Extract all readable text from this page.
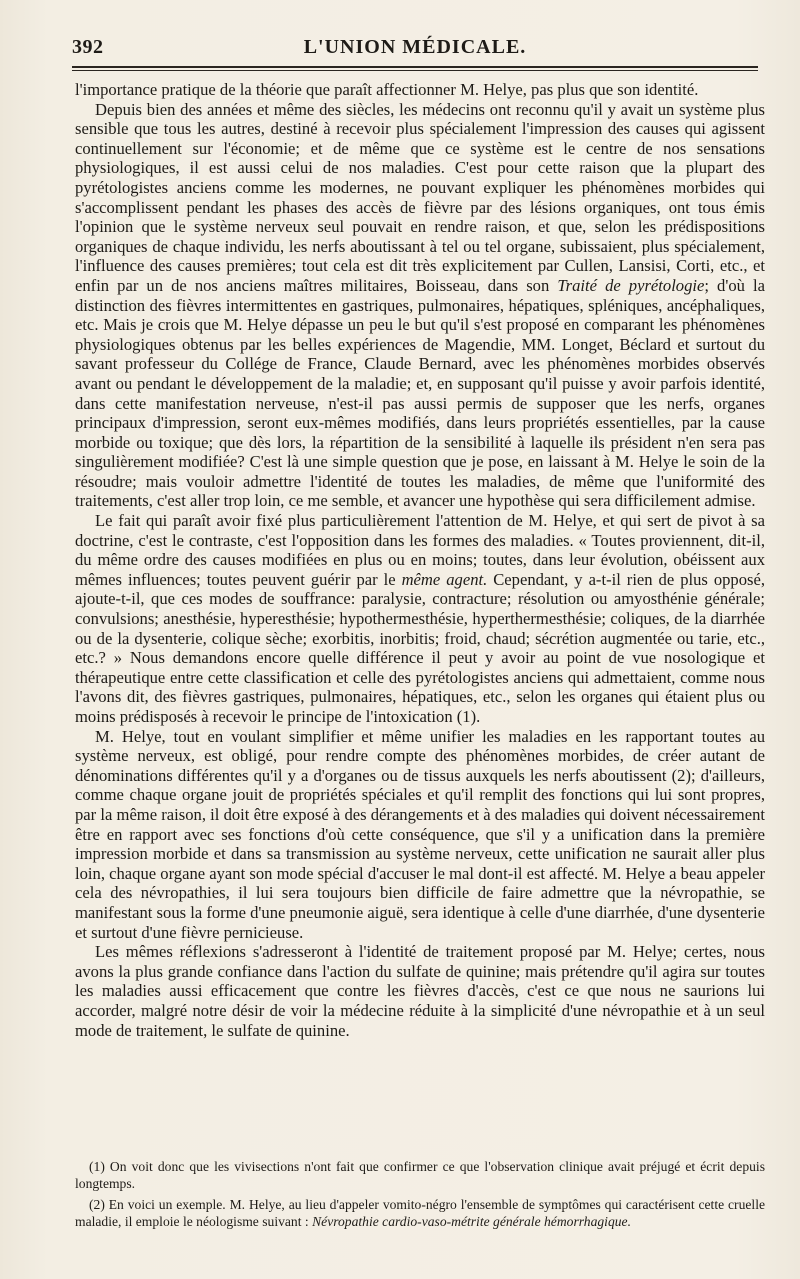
392	L'UNION MÉDICALE.

l'importance pratique de la théorie que paraît affectionner M. Helye, pas plus que son identité.

Depuis bien des années et même des siècles, les médecins ont reconnu qu'il y avait un système plus sensible que tous les autres, destiné à recevoir plus spécialement l'impression des causes qui agissent continuellement sur l'économie; et de même que ce système est le centre de nos sensations physiologiques, il est aussi celui de nos maladies. C'est pour cette raison que la plupart des pyrétologistes anciens comme les modernes, ne pouvant expliquer les phénomènes morbides qui s'accomplissent pendant les phases des accès de fièvre par des lésions organiques, ont tous émis l'opinion que le système nerveux seul pouvait en rendre raison, et que, selon les prédispositions organiques de chaque individu, les nerfs aboutissant à tel ou tel organe, subissaient, plus spécialement, l'influence des causes premières; tout cela est dit très explicitement par Cullen, Lansisi, Corti, etc., et enfin par un de nos anciens maîtres militaires, Boisseau, dans son Traité de pyrétologie; d'où la distinction des fièvres intermittentes en gastriques, pulmonaires, hépatiques, spléniques, ancéphaliques, etc. Mais je crois que M. Helye dépasse un peu le but qu'il s'est proposé en comparant les phénomènes physiologiques obtenus par les belles expériences de Magendie, MM. Longet, Béclard et surtout du savant professeur du Collége de France, Claude Bernard, avec les phénomènes morbides observés avant ou pendant le développement de la maladie; et, en supposant qu'il puisse y avoir parfois identité, dans cette manifestation nerveuse, n'est-il pas aussi permis de supposer que les nerfs, organes principaux d'impression, seront eux-mêmes modifiés, dans leurs propriétés essentielles, par la cause morbide ou toxique; que dès lors, la répartition de la sensibilité à laquelle ils président n'en sera pas singulièrement modifiée? C'est là une simple question que je pose, en laissant à M. Helye le soin de la résoudre; mais vouloir admettre l'identité de toutes les maladies, de même que l'uniformité des traitements, c'est aller trop loin, ce me semble, et avancer une hypothèse qui sera difficilement admise.

Le fait qui paraît avoir fixé plus particulièrement l'attention de M. Helye, et qui sert de pivot à sa doctrine, c'est le contraste, c'est l'opposition dans les formes des maladies. « Toutes proviennent, dit-il, du même ordre des causes modifiées en plus ou en moins; toutes, dans leur évolution, obéissent aux mêmes influences; toutes peuvent guérir par le même agent. Cependant, y a-t-il rien de plus opposé, ajoute-t-il, que ces modes de souffrance: paralysie, contracture; résolution ou amyosthénie générale; convulsions; anesthésie, hyperesthésie; hypothermesthésie, hyperthermesthésie; coliques, de la diarrhée ou de la dysenterie, colique sèche; exorbitis, inorbitis; froid, chaud; sécrétion augmentée ou tarie, etc., etc.? » Nous demandons encore quelle différence il peut y avoir au point de vue nosologique et thérapeutique entre cette classification et celle des pyrétologistes anciens qui admettaient, comme nous l'avons dit, des fièvres gastriques, pulmonaires, hépatiques, etc., selon les organes qui étaient plus ou moins prédisposés à recevoir le principe de l'intoxication (1).

M. Helye, tout en voulant simplifier et même unifier les maladies en les rapportant toutes au système nerveux, est obligé, pour rendre compte des phénomènes morbides, de créer autant de dénominations différentes qu'il y a d'organes ou de tissus auxquels les nerfs aboutissent (2); d'ailleurs, comme chaque organe jouit de propriétés spéciales et qu'il remplit des fonctions qui lui sont propres, par la même raison, il doit être exposé à des dérangements et à des maladies qui doivent nécessairement être en rapport avec ses fonctions d'où cette conséquence, que s'il y a unification dans la première impression morbide et dans sa transmission au système nerveux, cette unification ne saurait aller plus loin, chaque organe ayant son mode spécial d'accuser le mal dont-il est affecté. M. Helye a beau appeler cela des névropathies, il lui sera toujours bien difficile de faire admettre que la névropathie, se manifestant sous la forme d'une pneumonie aiguë, sera identique à celle d'une diarrhée, d'une dysenterie et surtout d'une fièvre pernicieuse.

Les mêmes réflexions s'adresseront à l'identité de traitement proposé par M. Helye; certes, nous avons la plus grande confiance dans l'action du sulfate de quinine; mais prétendre qu'il agira sur toutes les maladies aussi efficacement que contre les fièvres d'accès, c'est ce que nous ne saurions lui accorder, malgré notre désir de voir la médecine réduite à la simplicité d'une névropathie et à un seul mode de traitement, le sulfate de quinine.

(1) On voit donc que les vivisections n'ont fait que confirmer ce que l'observation clinique avait préjugé et écrit depuis longtemps.

(2) En voici un exemple. M. Helye, au lieu d'appeler vomito-négro l'ensemble de symptômes qui caractérisent cette cruelle maladie, il emploie le néologisme suivant : Névropathie cardio-vaso-métrite générale hémorrhagique.
